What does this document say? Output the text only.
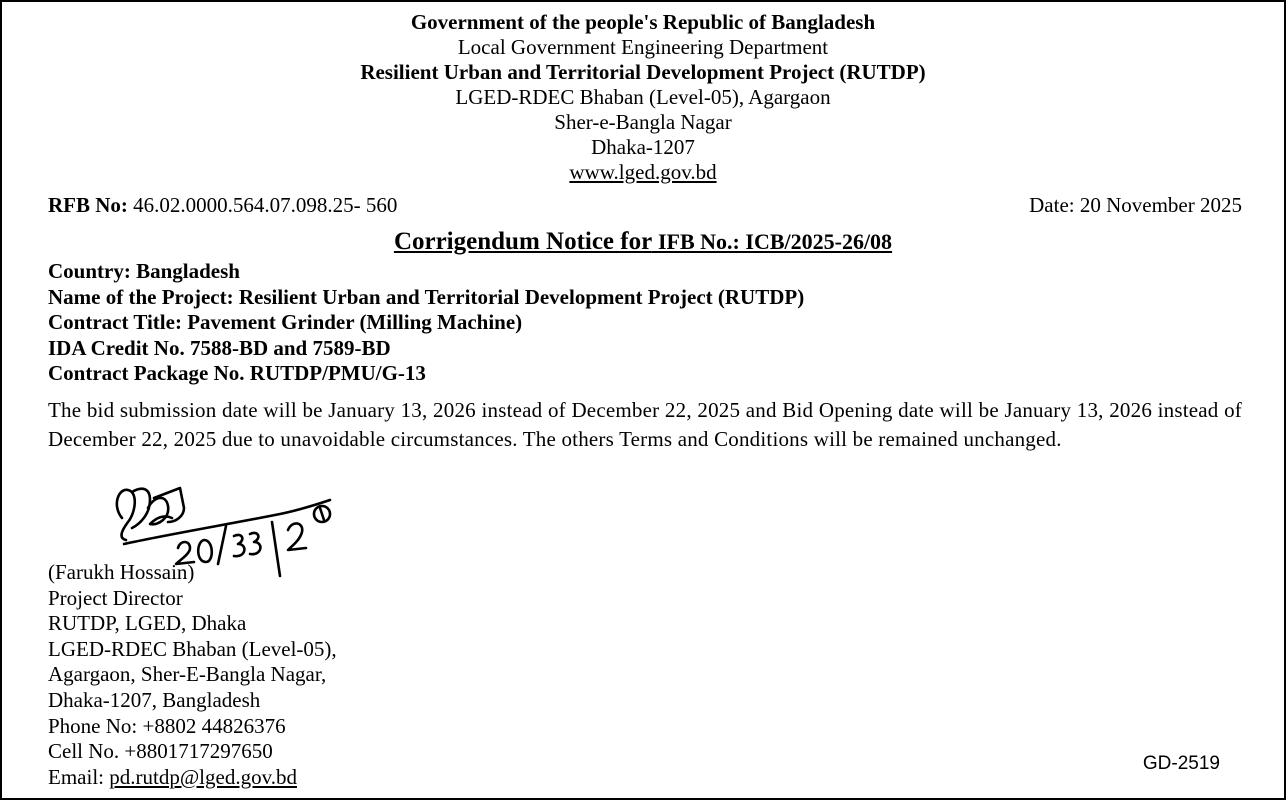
Government of the people's Republic of Bangladesh
Local Government Engineering Department
Resilient Urban and Territorial Development Project (RUTDP)
LGED-RDEC Bhaban (Level-05), Agargaon
Sher-e-Bangla Nagar
Dhaka-1207
www.lged.gov.bd
RFB No: 46.02.0000.564.07.098.25- 560	Date: 20 November 2025
Corrigendum Notice for IFB No.: ICB/2025-26/08
Country: Bangladesh
Name of the Project: Resilient Urban and Territorial Development Project (RUTDP)
Contract Title: Pavement Grinder (Milling Machine)
IDA Credit No. 7588-BD and 7589-BD
Contract Package No. RUTDP/PMU/G-13
The bid submission date will be January 13, 2026 instead of December 22, 2025 and Bid Opening date will be January 13, 2026 instead of December 22, 2025 due to unavoidable circumstances. The others Terms and Conditions will be remained unchanged.
(Farukh Hossain)
Project Director
RUTDP, LGED, Dhaka
LGED-RDEC Bhaban (Level-05),
Agargaon, Sher-E-Bangla Nagar,
Dhaka-1207, Bangladesh
Phone No: +8802 44826376
Cell No. +8801717297650
Email: pd.rutdp@lged.gov.bd
GD-2519
